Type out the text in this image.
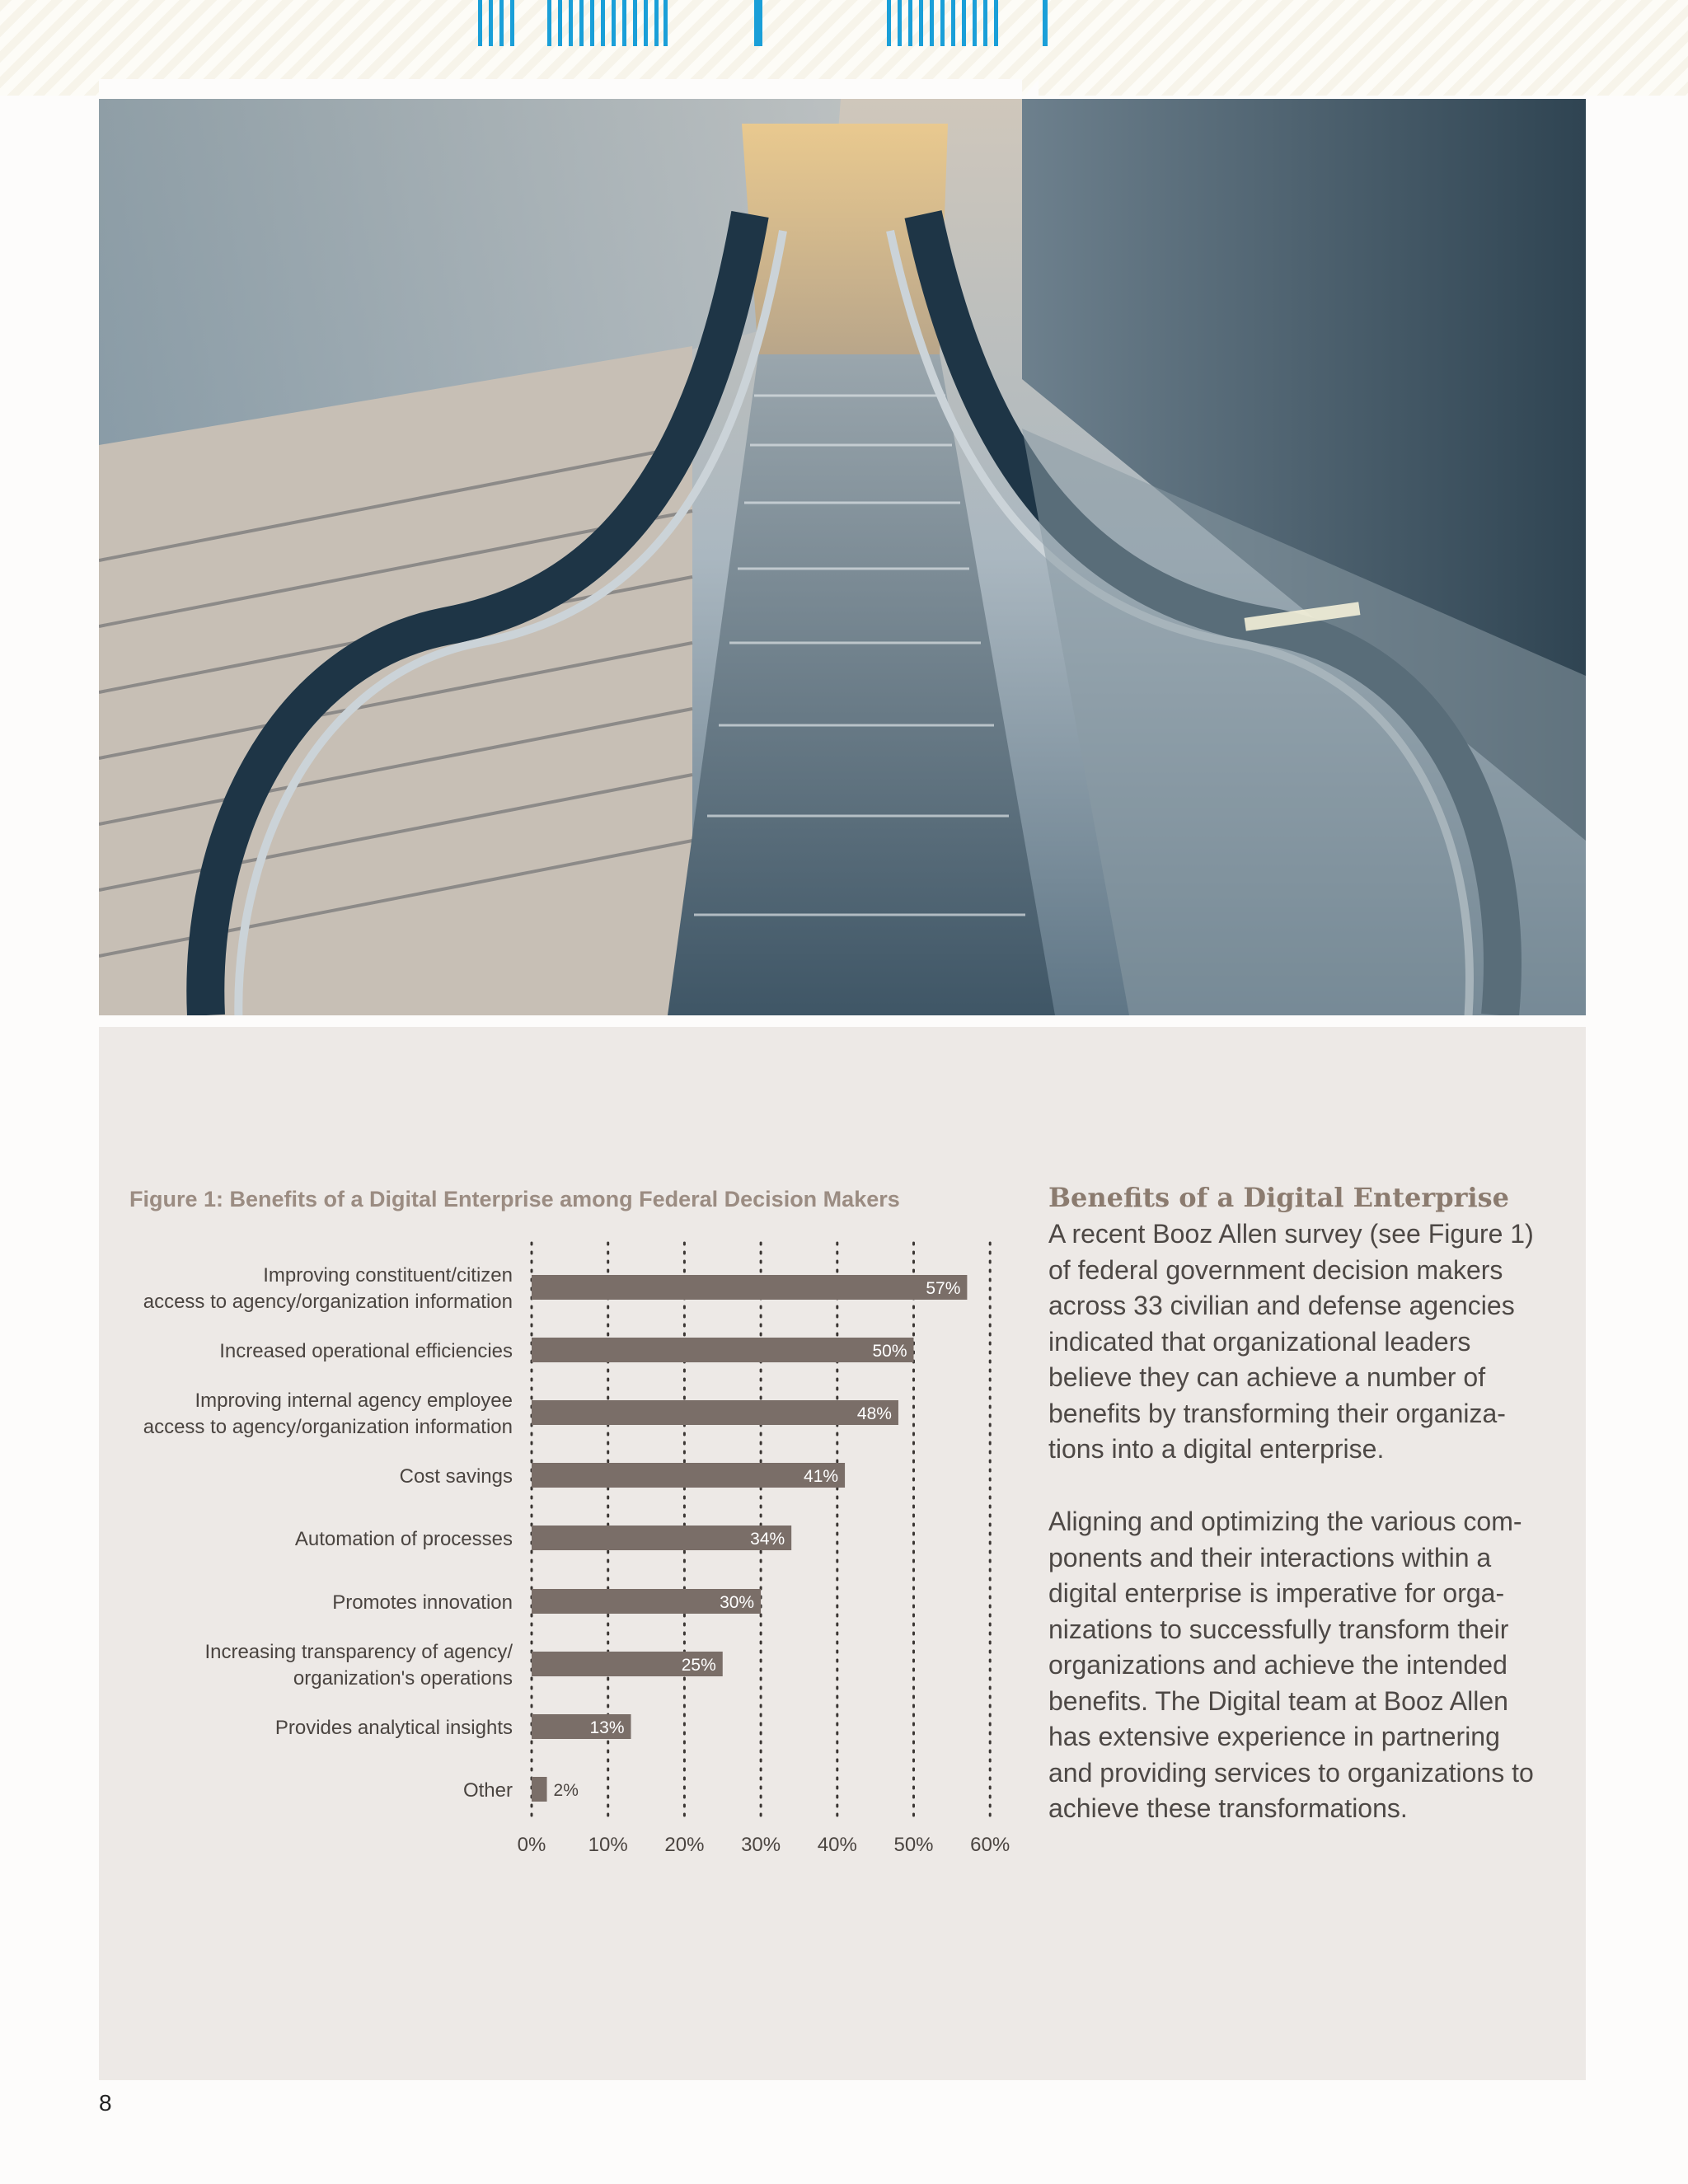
Figure 1: Benefits of a Digital Enterprise among Federal Decision Makers
0% 10% 20% 30% 40% 50% 60%
57%
Improving constituent/citizen
access to agency/organization information
50%
Increased operational efficiencies
48%
Improving internal agency employee
access to agency/organization information
41%
Cost savings
34%
Automation of processes
30%
Promotes innovation
25%
Increasing transparency of agency/
organization's operations
13%
Provides analytical insights
2%
Other
Benefits of a Digital Enterprise
A recent Booz Allen survey (see Figure 1) of federal government decision makers across 33 civilian and defense agencies indicated that organizational leaders believe they can achieve a number of benefits by transforming their organiza-tions into a digital enterprise.
Aligning and optimizing the various com-ponents and their interactions within a digital enterprise is imperative for orga-nizations to successfully transform their organizations and achieve the intended benefits. The Digital team at Booz Allen has extensive experience in partnering and providing services to organizations to achieve these transformations.
8
